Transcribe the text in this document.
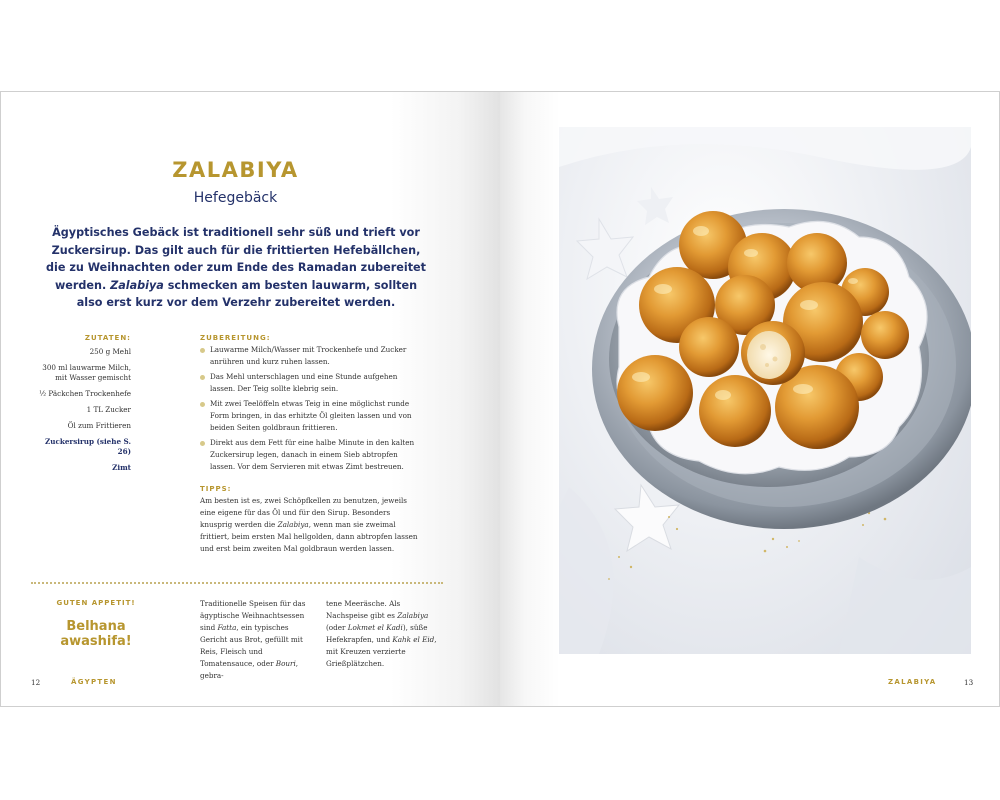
ZALABIYA
Hefegebäck

Ägyptisches Gebäck ist traditionell sehr süß und trieft vor Zuckersirup. Das gilt auch für die frittierten Hefebällchen, die zu Weihnachten oder zum Ende des Ramadan zubereitet werden. Zalabiya schmecken am besten lauwarm, sollten also erst kurz vor dem Verzehr zubereitet werden.

ZUTATEN:
250 g Mehl
300 ml lauwarme Milch, mit Wasser gemischt
½ Päckchen Trockenhefe
1 TL Zucker
Öl zum Frittieren
Zuckersirup (siehe S. 26)
Zimt
ZUBEREITUNG:
Lauwarme Milch/Wasser mit Trockenhefe und Zucker anrühren und kurz ruhen lassen.
Das Mehl unterschlagen und eine Stunde aufgehen lassen. Der Teig sollte klebrig sein.
Mit zwei Teelöffeln etwas Teig in eine möglichst runde Form bringen, in das erhitzte Öl gleiten lassen und von beiden Seiten goldbraun frittieren.
Direkt aus dem Fett für eine halbe Minute in den kalten Zuckersirup legen, danach in einem Sieb abtropfen lassen. Vor dem Servieren mit etwas Zimt bestreuen.
TIPPS:

Am besten ist es, zwei Schöpfkellen zu benutzen, jeweils eine eigene für das Öl und für den Sirup. Besonders knusprig werden die Zalabiya, wenn man sie zweimal frittiert, beim ersten Mal hellgolden, dann abtropfen lassen und erst beim zweiten Mal goldbraun werden lassen.

GUTEN APPETIT!
Belhana awashifa!

Traditionelle Speisen für das ägyptische Weihnachtsessen sind Fatta, ein typisches Gericht aus Brot, gefüllt mit Reis, Fleisch und Tomatensauce, oder Bouri, gebra-

tene Meeräsche. Als Nachspeise gibt es Zalabiya (oder Lokmet el Kadi), süße Hefekrapfen, und Kahk el Eid, mit Kreuzen verzierte Grießplätzchen.

12	ÄGYPTEN	ZALABIYA	13
